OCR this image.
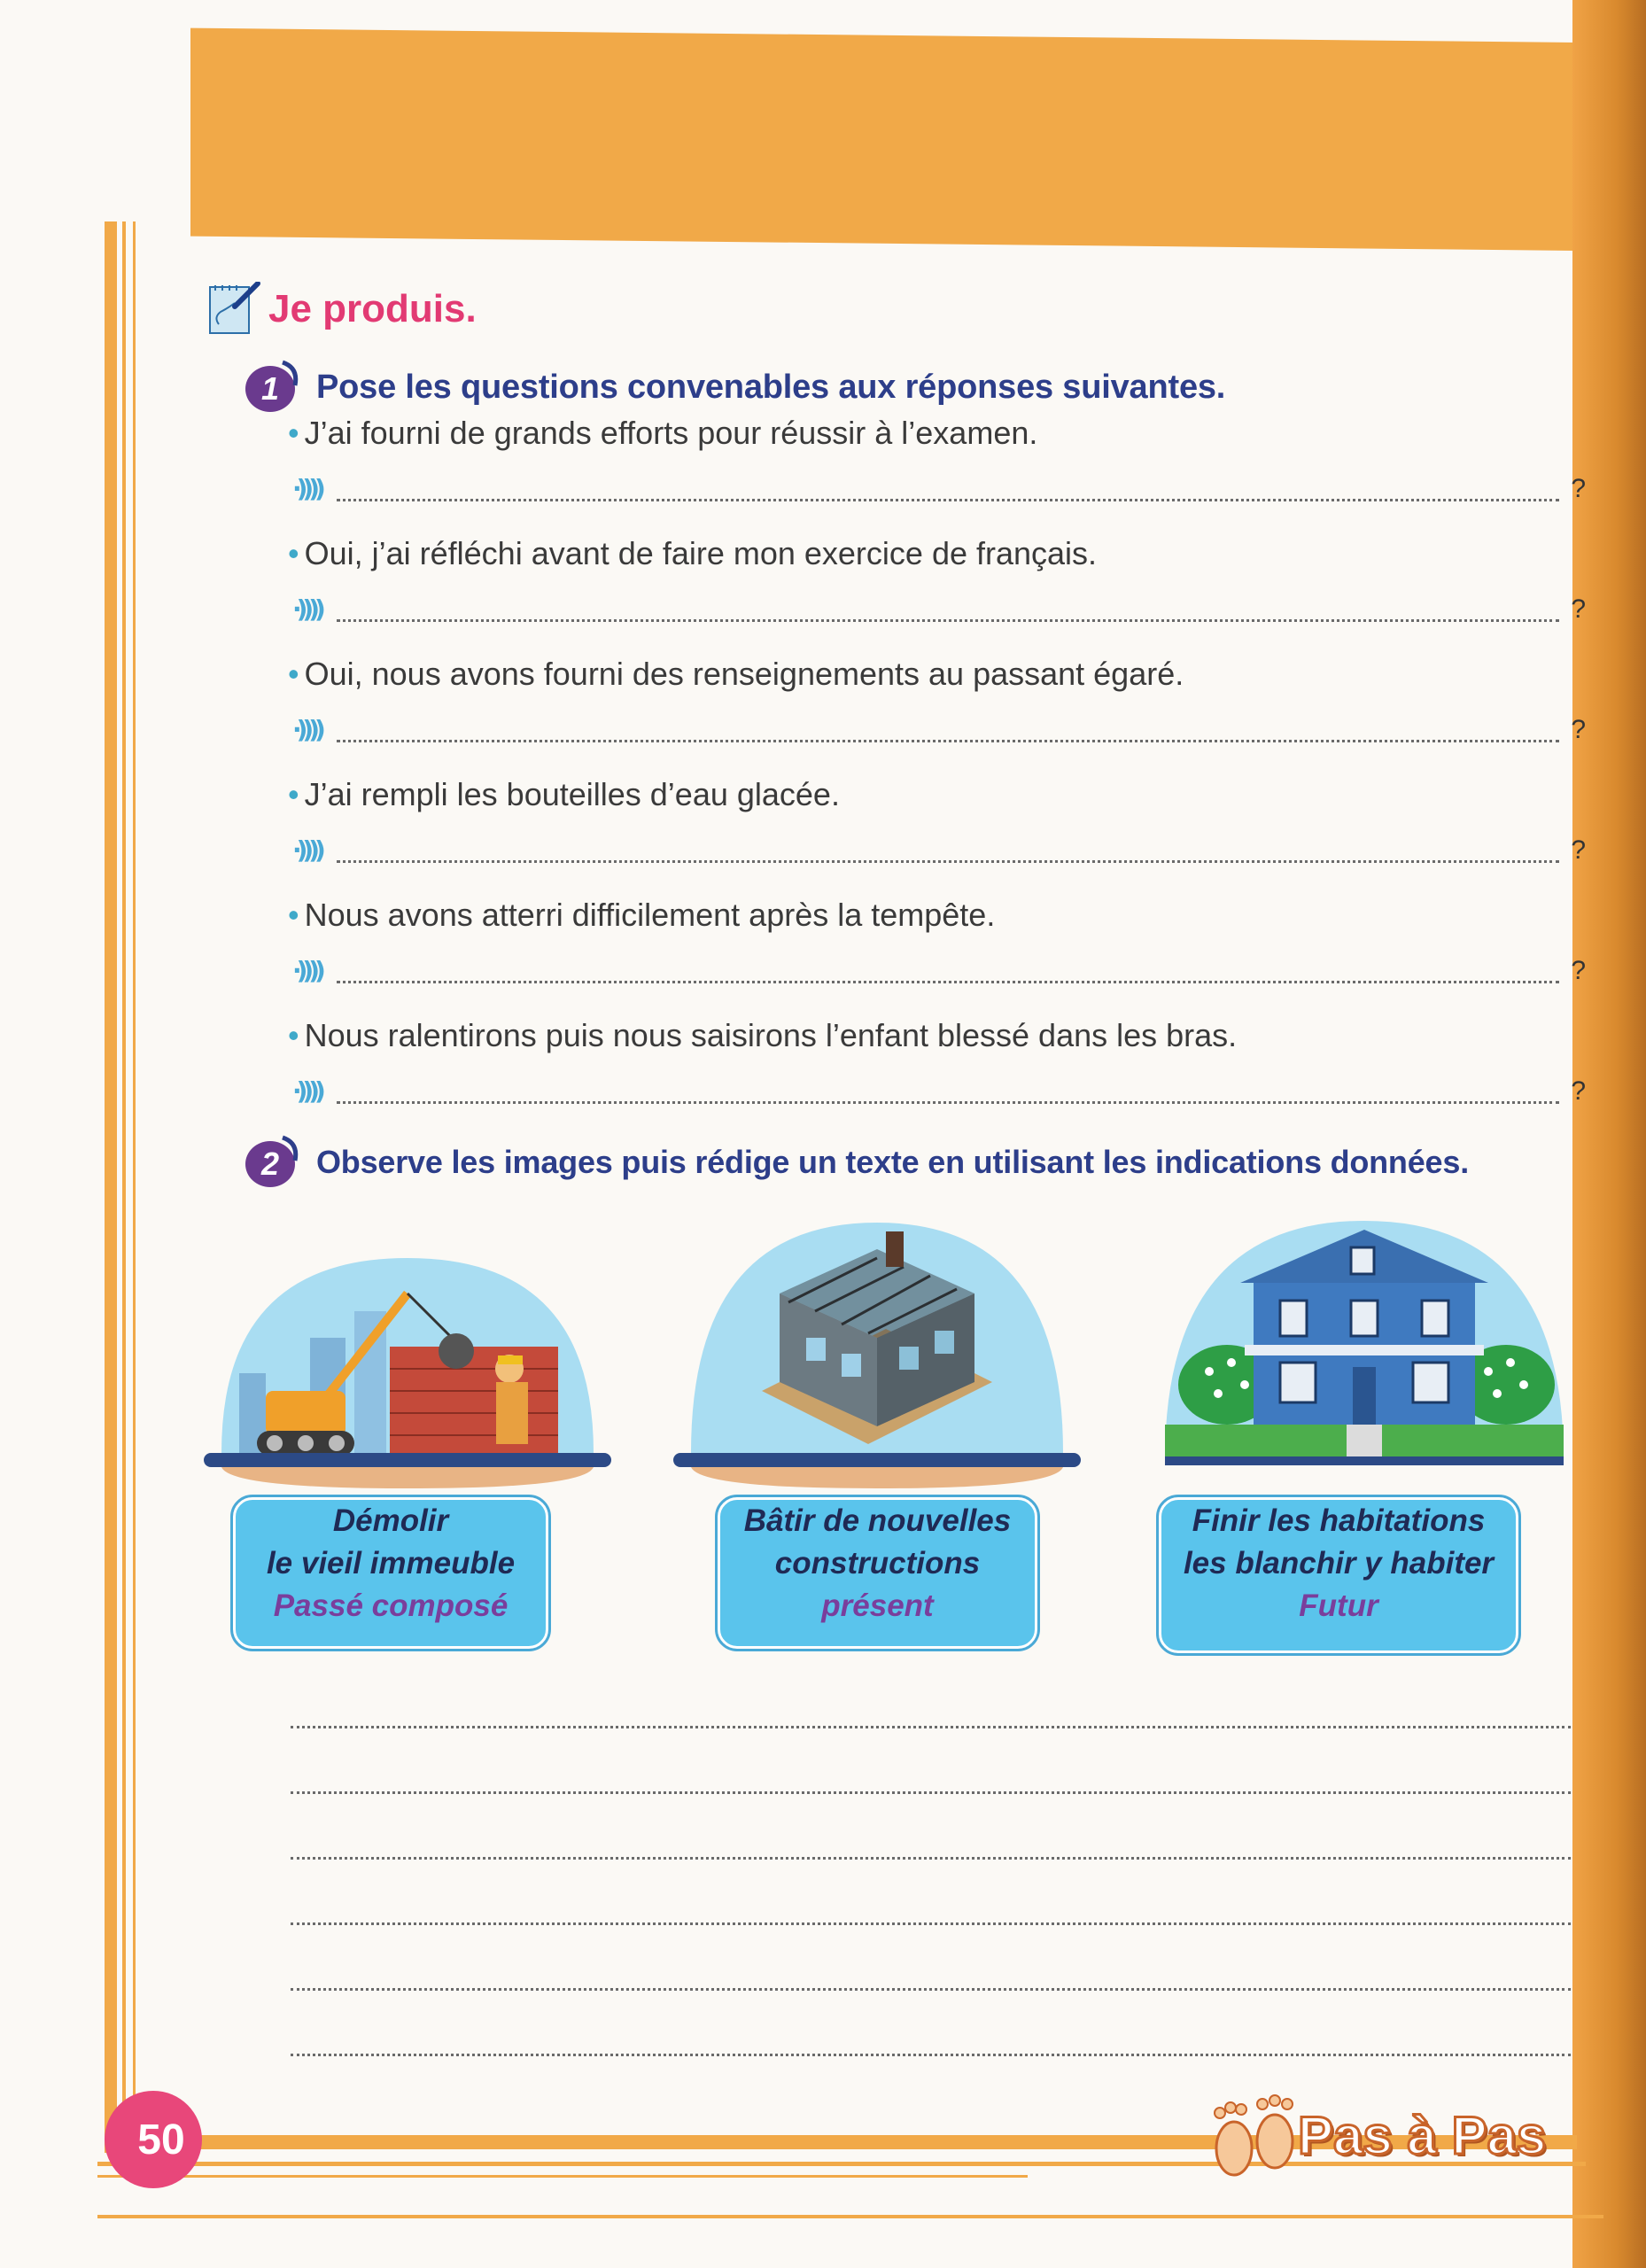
Je produis.
1 Pose les questions convenables aux réponses suivantes.
• J’ai fourni de grands efforts pour réussir à l’examen.
·))))	?
• Oui, j’ai réfléchi avant de faire mon exercice de français.
·))))	?
• Oui, nous avons fourni des renseignements au passant égaré.
·))))	?
• J’ai rempli les bouteilles d’eau glacée.
·))))	?
• Nous avons atterri difficilement après la tempête.
·))))	?
• Nous ralentirons puis nous saisirons l’enfant blessé dans les bras.
·))))	?
2 Observe les images puis rédige un texte en utilisant les indications données.
Démolir
le vieil immeuble
Passé composé
Bâtir de nouvelles
constructions
présent
Finir les habitations
les blanchir y habiter
Futur
50	Pas à Pas
